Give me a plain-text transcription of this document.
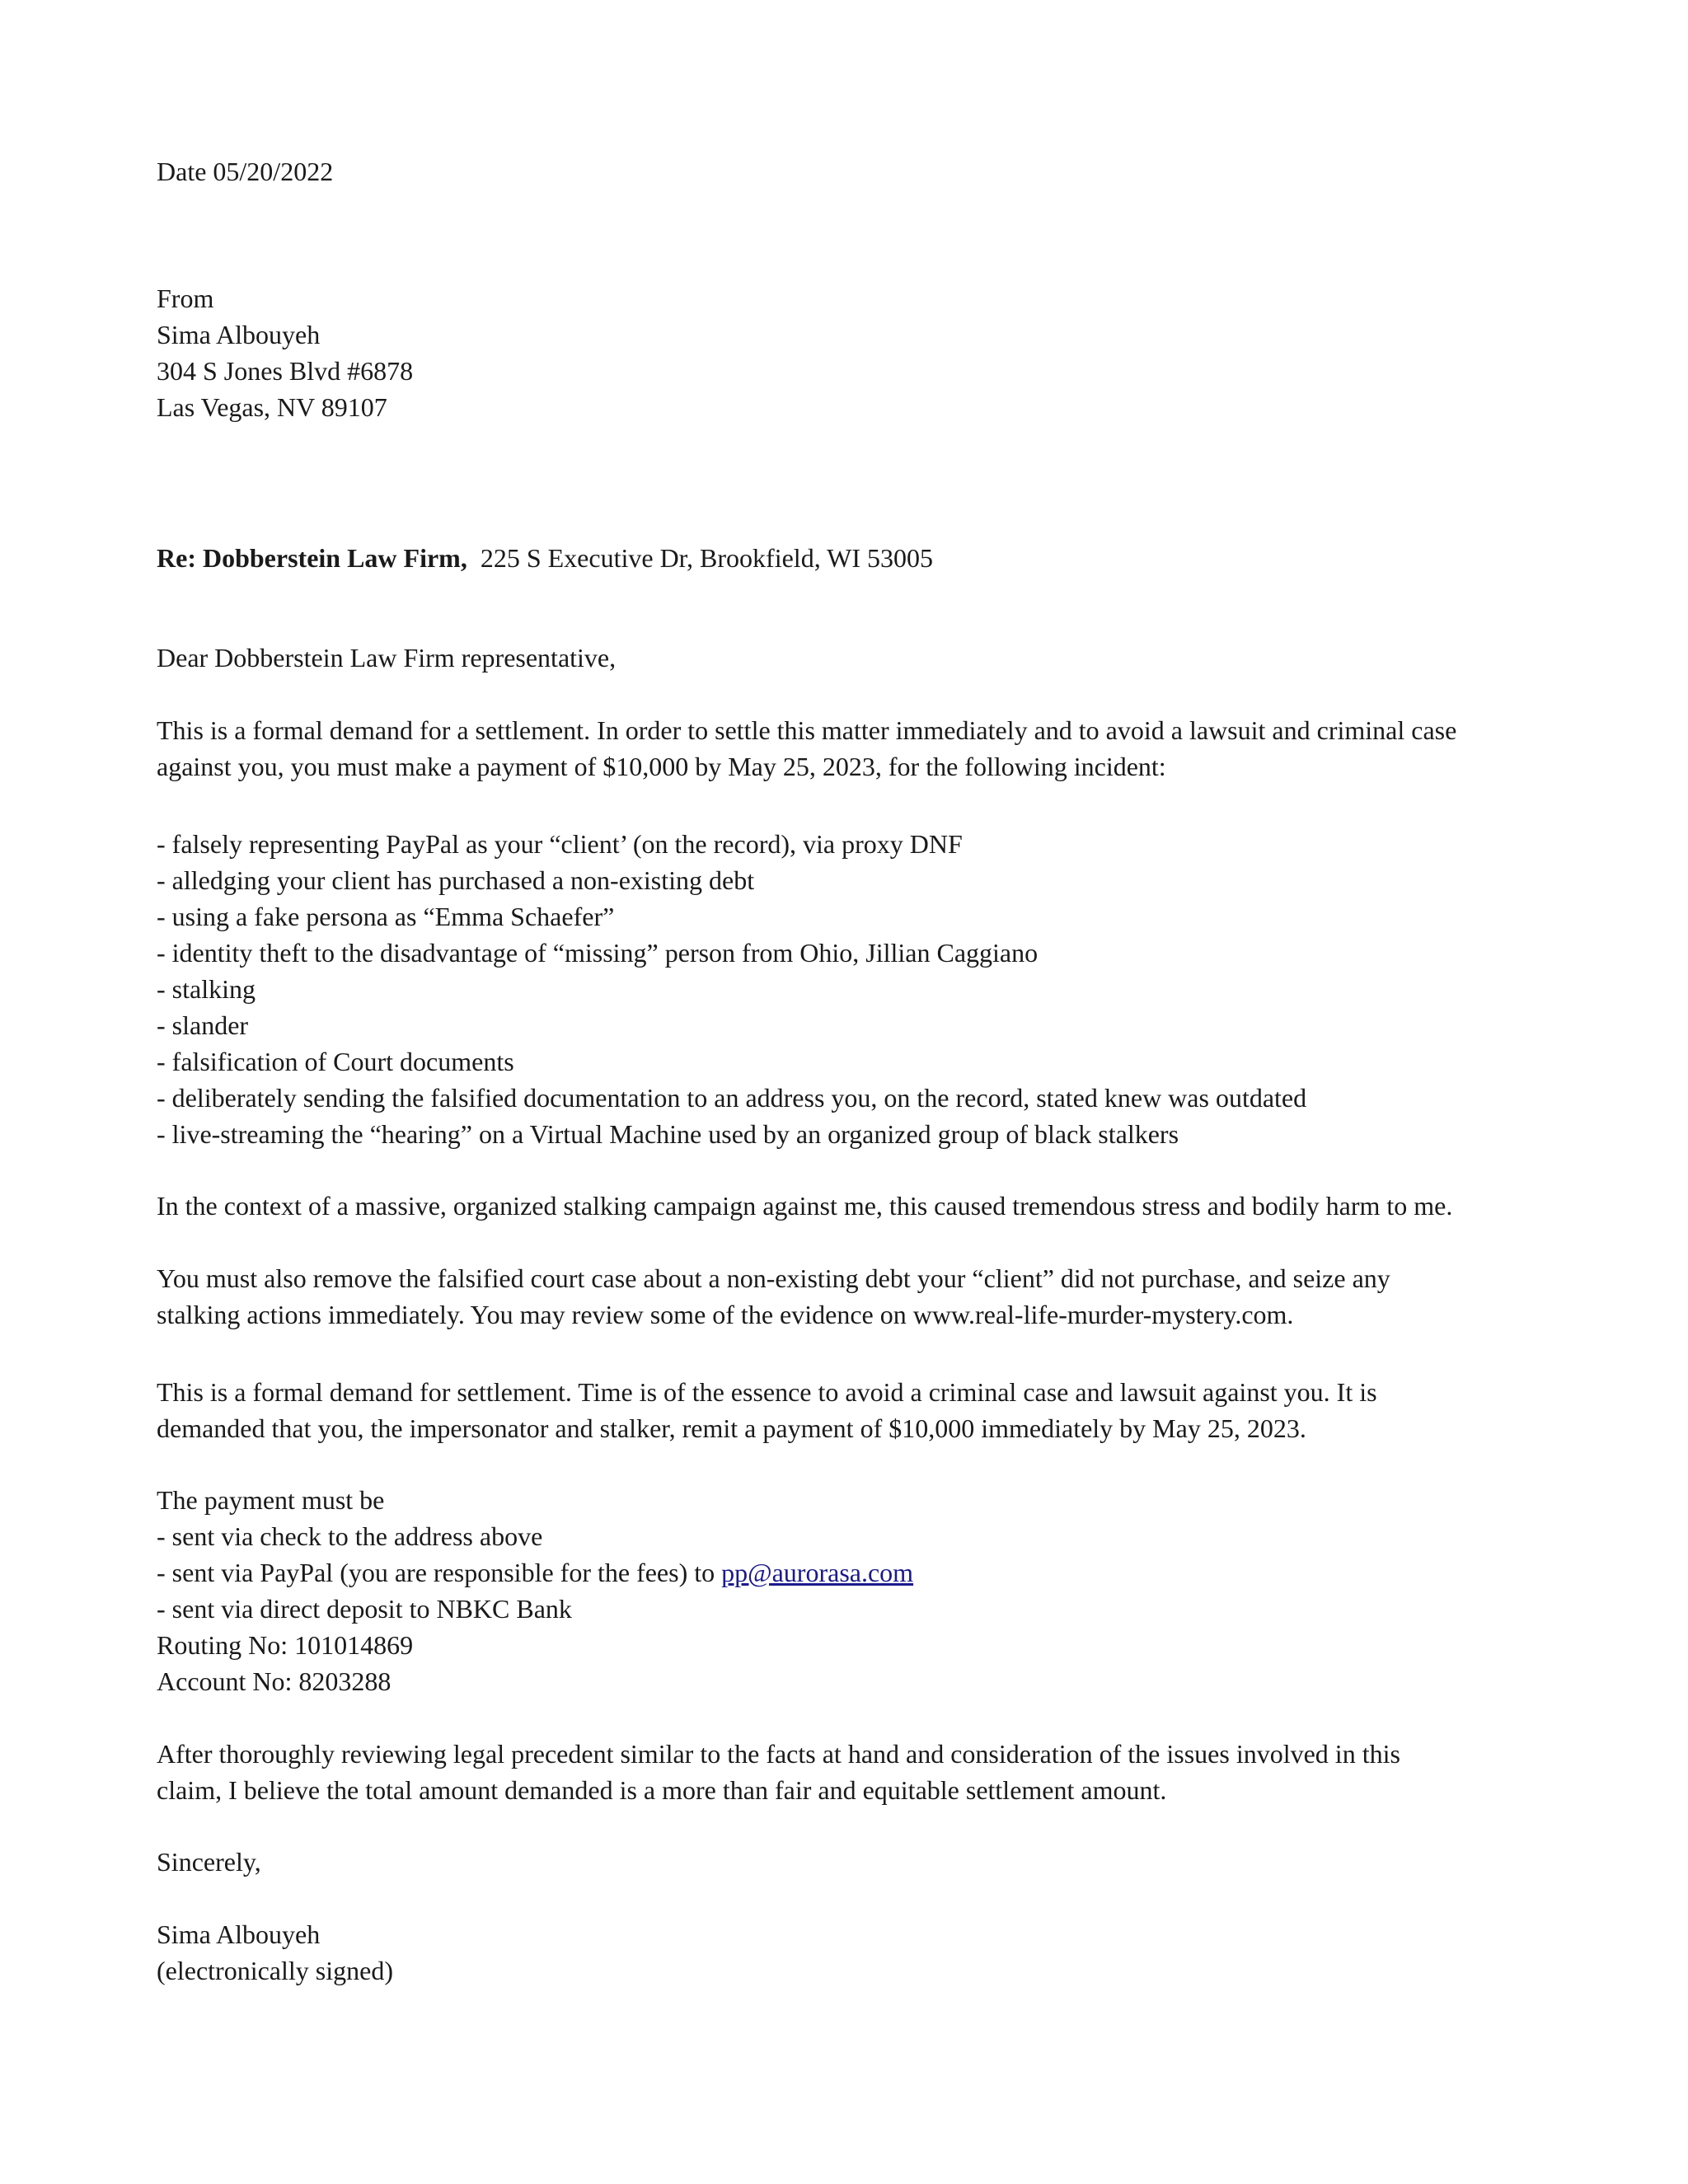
Date 05/20/2022
From
Sima Albouyeh
304 S Jones Blvd #6878
Las Vegas, NV 89107
Re: Dobberstein Law Firm, 225 S Executive Dr, Brookfield, WI 53005
Dear Dobberstein Law Firm representative,
This is a formal demand for a settlement. In order to settle this matter immediately and to avoid a lawsuit and criminal case
against you, you must make a payment of $10,000 by May 25, 2023, for the following incident:
- falsely representing PayPal as your “client’ (on the record), via proxy DNF
- alledging your client has purchased a non-existing debt
- using a fake persona as “Emma Schaefer”
- identity theft to the disadvantage of “missing” person from Ohio, Jillian Caggiano
- stalking
- slander
- falsification of Court documents
- deliberately sending the falsified documentation to an address you, on the record, stated knew was outdated
- live-streaming the “hearing” on a Virtual Machine used by an organized group of black stalkers
In the context of a massive, organized stalking campaign against me, this caused tremendous stress and bodily harm to me.
You must also remove the falsified court case about a non-existing debt your “client” did not purchase, and seize any
stalking actions immediately. You may review some of the evidence on www.real-life-murder-mystery.com.
This is a formal demand for settlement. Time is of the essence to avoid a criminal case and lawsuit against you. It is
demanded that you, the impersonator and stalker, remit a payment of $10,000 immediately by May 25, 2023.
The payment must be
- sent via check to the address above
- sent via PayPal (you are responsible for the fees) to pp@aurorasa.com
- sent via direct deposit to NBKC Bank
Routing No: 101014869
Account No: 8203288
After thoroughly reviewing legal precedent similar to the facts at hand and consideration of the issues involved in this
claim, I believe the total amount demanded is a more than fair and equitable settlement amount.
Sincerely,
Sima Albouyeh
(electronically signed)
